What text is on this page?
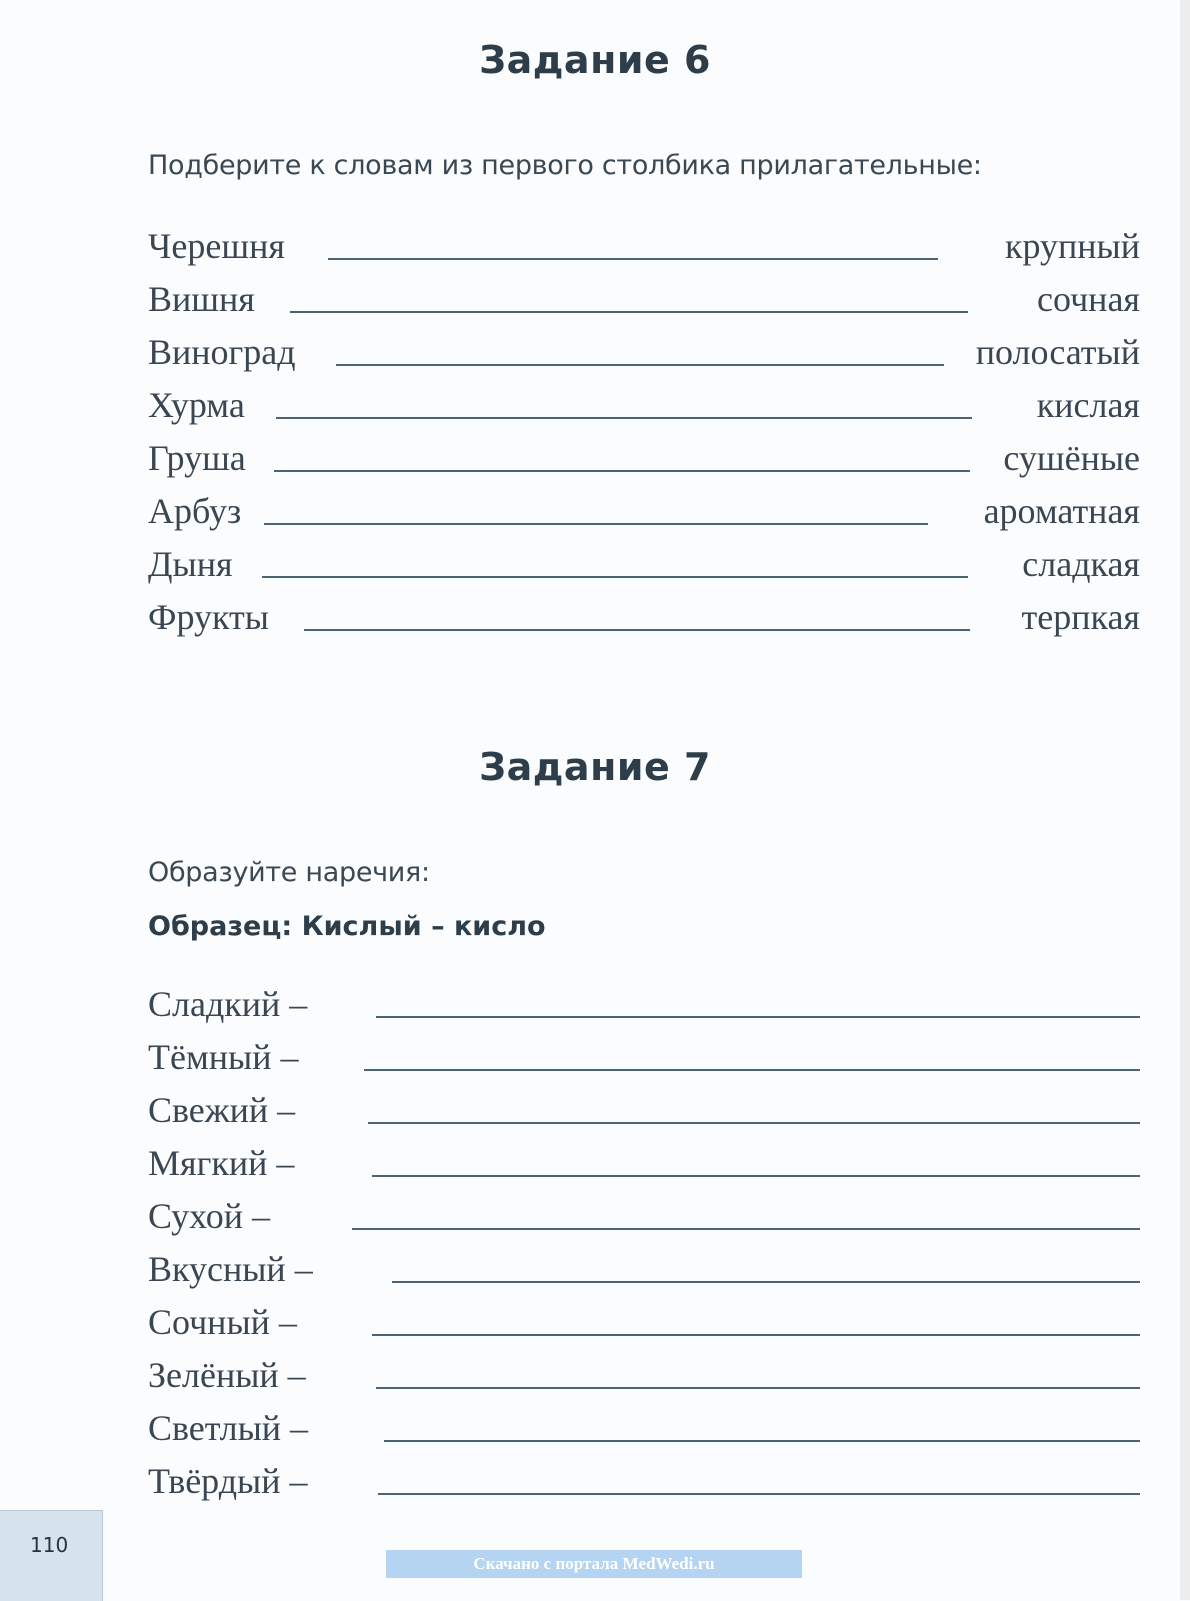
Задание 6
Подберите к словам из первого столбика прилагательные:
Черешня	крупный
Вишня	сочная
Виноград	полосатый
Хурма	кислая
Груша	сушёные
Арбуз	ароматная
Дыня	сладкая
Фрукты	терпкая
Задание 7
Образуйте наречия:
Образец: Кислый – кисло
Сладкий –
Тёмный –
Свежий –
Мягкий –
Сухой –
Вкусный –
Сочный –
Зелёный –
Светлый –
Твёрдый –
110
Скачано с портала MedWedi.ru
